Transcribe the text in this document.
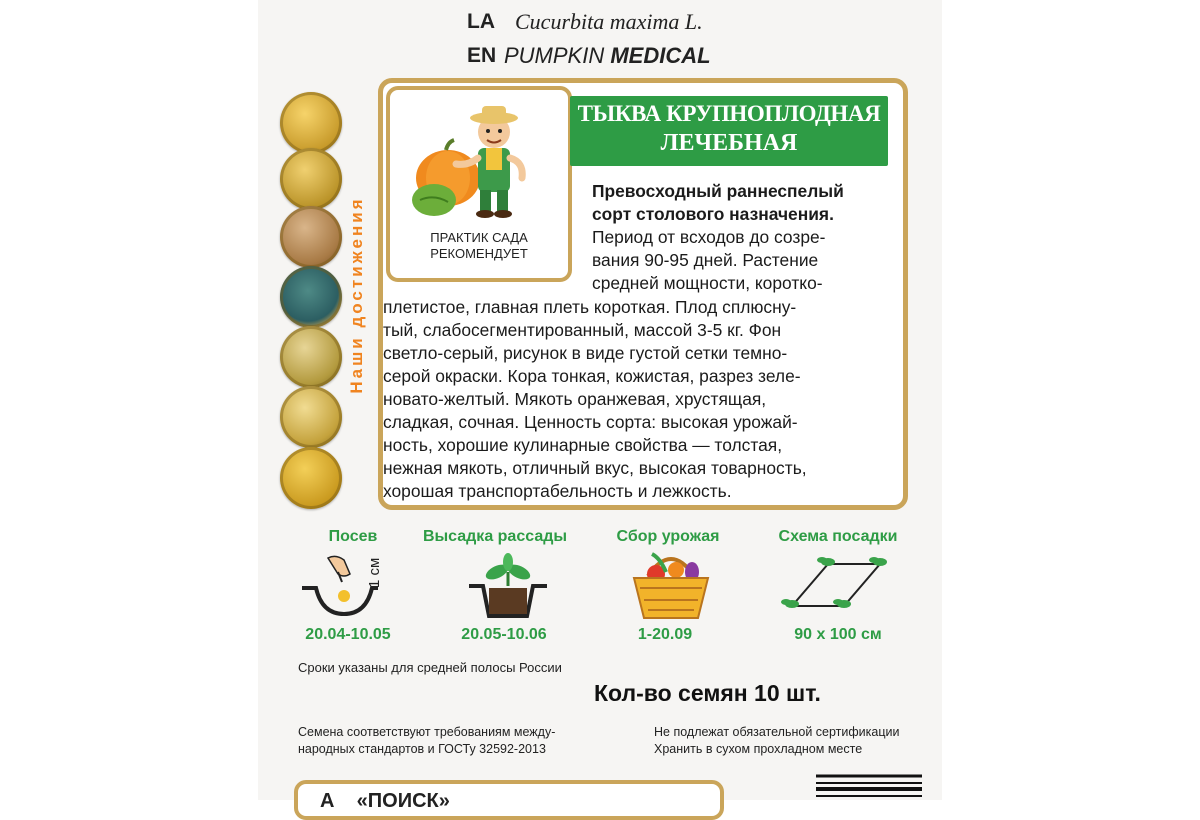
LA Cucurbita maxima L.
EN PUMPKIN MEDICAL
Наши достижения	ПРАКТИК САДА
РЕКОМЕНДУЕТ
ТЫКВА КРУПНОПЛОДНАЯ
ЛЕЧЕБНАЯ
Превосходный раннеспелый
сорт столового назначения.
Период от всходов до созре-
вания 90-95 дней. Растение
средней мощности, коротко-
плетистое, главная плеть короткая. Плод сплюсну-
тый, слабосегментированный, массой 3-5 кг. Фон
светло-серый, рисунок в виде густой сетки темно-
серой окраски. Кора тонкая, кожистая, разрез зеле-
новато-желтый. Мякоть оранжевая, хрустящая,
сладкая, сочная. Ценность сорта: высокая урожай-
ность, хорошие кулинарные свойства — толстая,
нежная мякоть, отличный вкус, высокая товарность,
хорошая транспортабельность и лежкость.
Посев	Высадка рассады	Сбор урожая	Схема посадки
1 см
20.04-10.05	20.05-10.06	1-20.09	90 х 100 см
Сроки указаны для средней полосы России
Кол-во семян 10 шт.
Семена соответствуют требованиям между-
народных стандартов и ГОСТу 32592-2013
Не подлежат обязательной сертификации
Хранить в сухом прохладном месте
А    «ПОИСК»
